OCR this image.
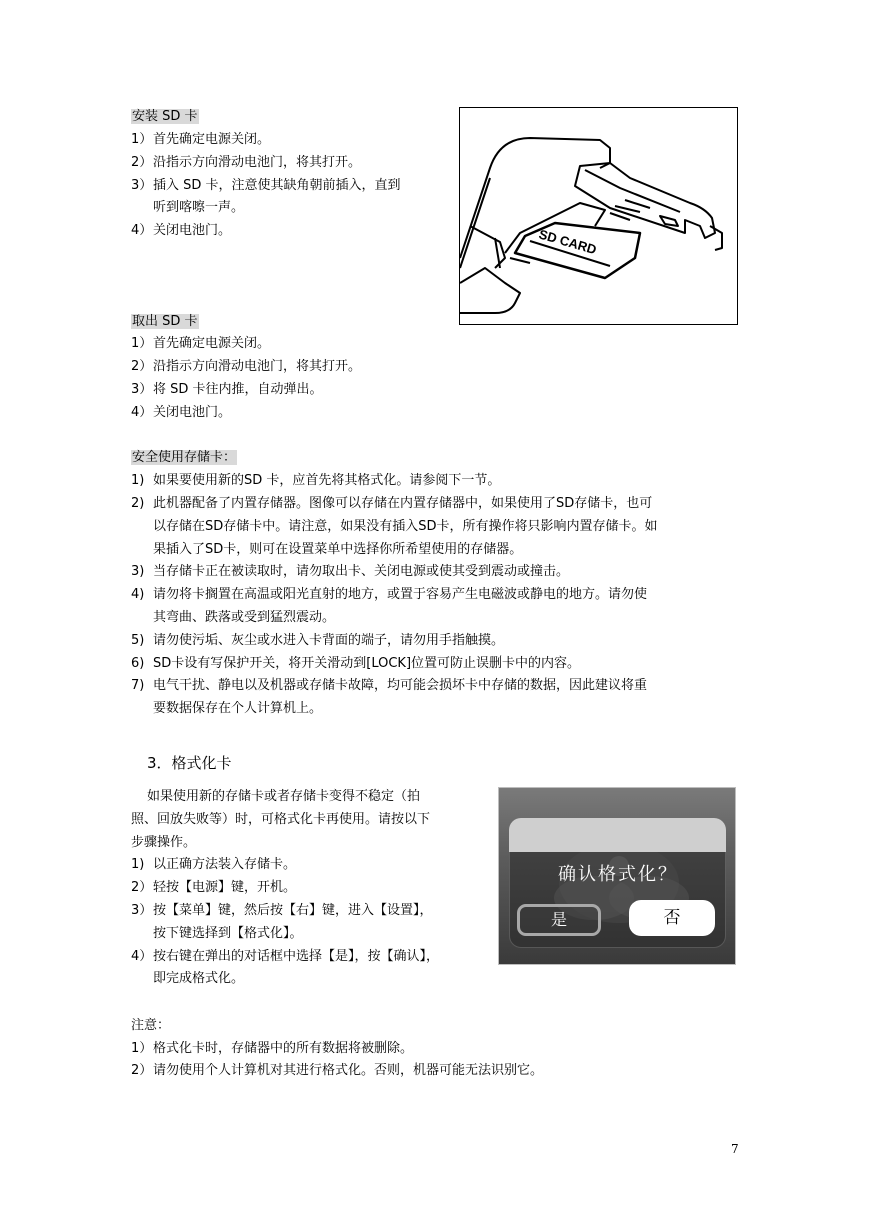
安装 SD 卡
1）首先确定电源关闭。
2）沿指示方向滑动电池门，将其打开。
3）插入 SD 卡，注意使其缺角朝前插入，直到
听到喀嚓一声。
4）关闭电池门。	SD CARD
取出 SD 卡
1）首先确定电源关闭。
2）沿指示方向滑动电池门，将其打开。
3）将 SD 卡往内推，自动弹出。
4）关闭电池门。
安全使用存储卡：
1) 如果要使用新的SD 卡，应首先将其格式化。请参阅下一节。
2) 此机器配备了内置存储器。图像可以存储在内置存储器中，如果使用了SD存储卡，也可
以存储在SD存储卡中。请注意，如果没有插入SD卡，所有操作将只影响内置存储卡。如
果插入了SD卡，则可在设置菜单中选择你所希望使用的存储器。
3) 当存储卡正在被读取时，请勿取出卡、关闭电源或使其受到震动或撞击。
4) 请勿将卡搁置在高温或阳光直射的地方，或置于容易产生电磁波或静电的地方。请勿使
其弯曲、跌落或受到猛烈震动。
5) 请勿使污垢、灰尘或水进入卡背面的端子，请勿用手指触摸。
6) SD卡设有写保护开关，将开关滑动到[LOCK]位置可防止误删卡中的内容。
7) 电气干扰、静电以及机器或存储卡故障，均可能会损坏卡中存储的数据，因此建议将重
要数据保存在个人计算机上。
3．格式化卡
如果使用新的存储卡或者存储卡变得不稳定（拍
照、回放失败等）时，可格式化卡再使用。请按以下
步骤操作。
1) 以正确方法装入存储卡。
2）轻按【电源】键，开机。
3）按【菜单】键，然后按【右】键，进入【设置】，
按下键选择到【格式化】。
4）按右键在弹出的对话框中选择【是】，按【确认】，
即完成格式化。
确认格式化？
是	否
注意：
1）格式化卡时，存储器中的所有数据将被删除。
2）请勿使用个人计算机对其进行格式化。否则，机器可能无法识别它。
7
